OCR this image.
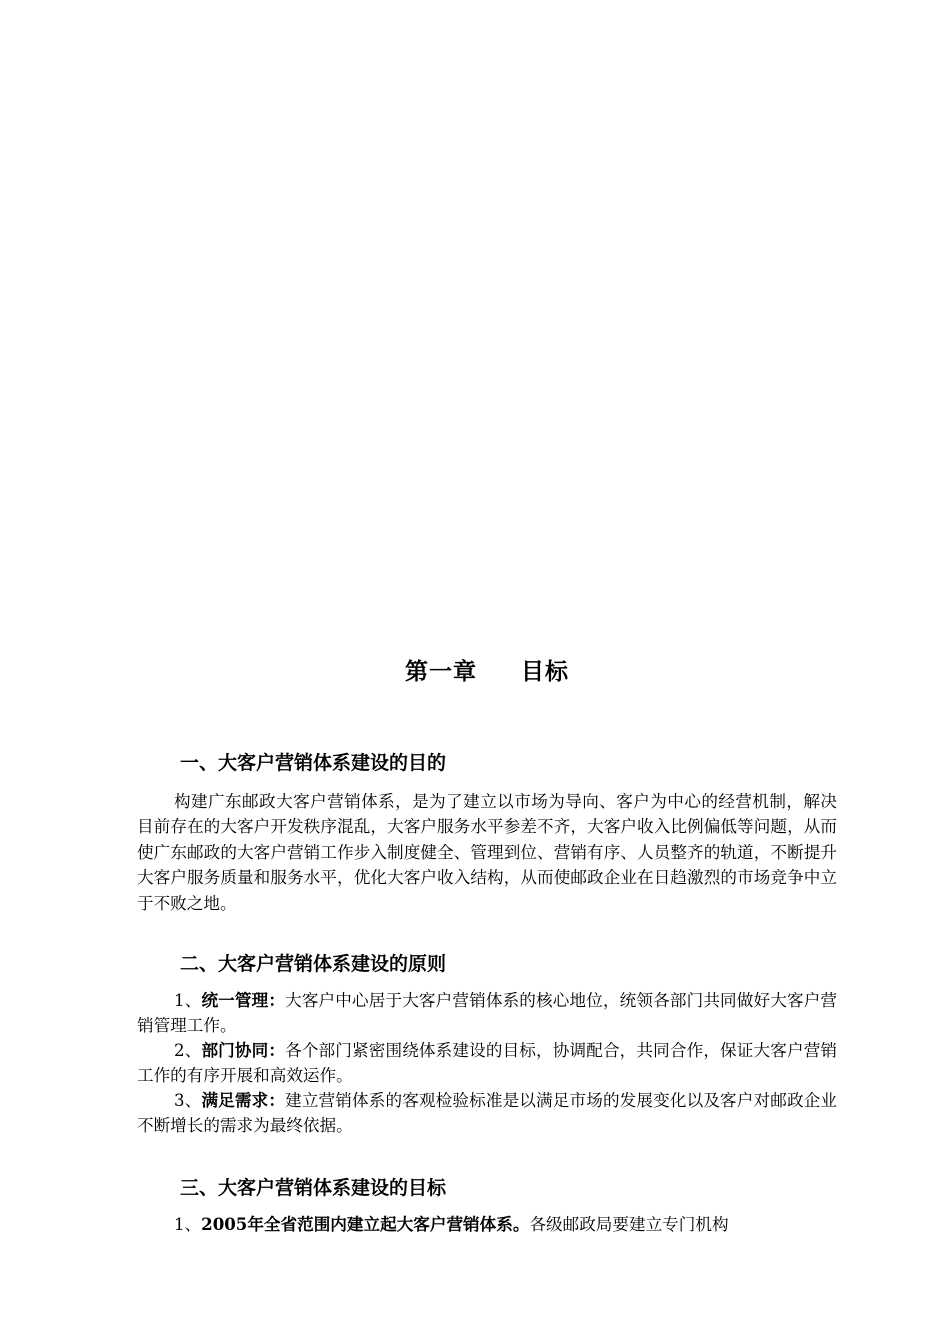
第一章 目标
一、大客户营销体系建设的目的
构建广东邮政大客户营销体系，是为了建立以市场为导向、客户为中心的经营机制，解决目前存在的大客户开发秩序混乱，大客户服务水平参差不齐，大客户收入比例偏低等问题，从而使广东邮政的大客户营销工作步入制度健全、管理到位、营销有序、人员整齐的轨道，不断提升大客户服务质量和服务水平，优化大客户收入结构，从而使邮政企业在日趋激烈的市场竞争中立于不败之地。
二、大客户营销体系建设的原则
1、统一管理：大客户中心居于大客户营销体系的核心地位，统领各部门共同做好大客户营销管理工作。
2、部门协同：各个部门紧密围绕体系建设的目标，协调配合，共同合作，保证大客户营销工作的有序开展和高效运作。
3、满足需求：建立营销体系的客观检验标准是以满足市场的发展变化以及客户对邮政企业不断增长的需求为最终依据。
三、大客户营销体系建设的目标
1、2005年全省范围内建立起大客户营销体系。各级邮政局要建立专门机构
